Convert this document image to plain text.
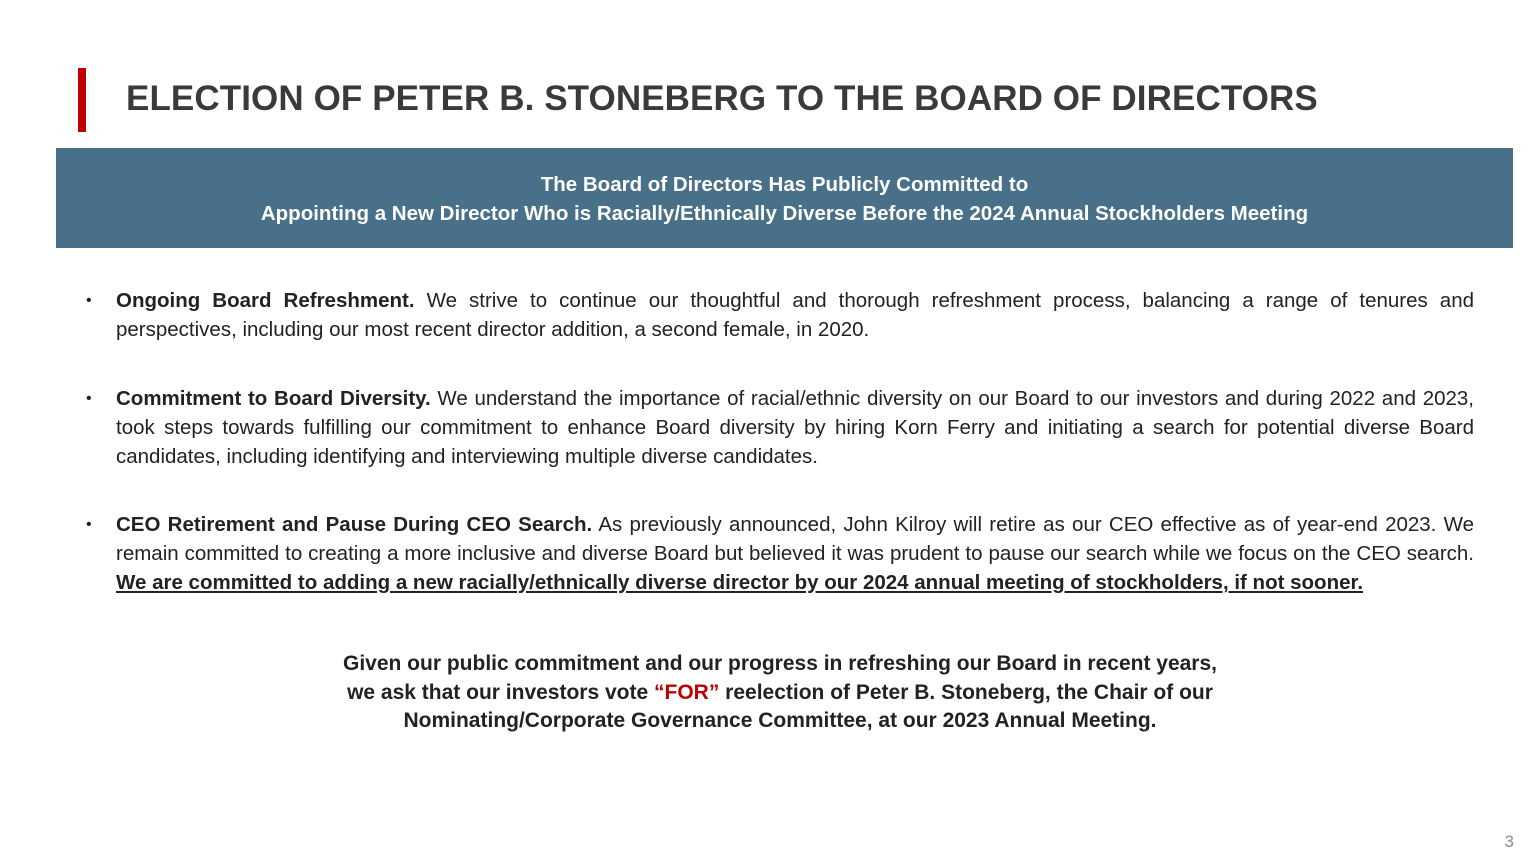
ELECTION OF PETER B. STONEBERG TO THE BOARD OF DIRECTORS
The Board of Directors Has Publicly Committed to
Appointing a New Director Who is Racially/Ethnically Diverse Before the 2024 Annual Stockholders Meeting
• Ongoing Board Refreshment. We strive to continue our thoughtful and thorough refreshment process, balancing a range of tenures and perspectives, including our most recent director addition, a second female, in 2020.
• Commitment to Board Diversity. We understand the importance of racial/ethnic diversity on our Board to our investors and during 2022 and 2023, took steps towards fulfilling our commitment to enhance Board diversity by hiring Korn Ferry and initiating a search for potential diverse Board candidates, including identifying and interviewing multiple diverse candidates.
• CEO Retirement and Pause During CEO Search. As previously announced, John Kilroy will retire as our CEO effective as of year-end 2023. We remain committed to creating a more inclusive and diverse Board but believed it was prudent to pause our search while we focus on the CEO search. We are committed to adding a new racially/ethnically diverse director by our 2024 annual meeting of stockholders, if not sooner.
Given our public commitment and our progress in refreshing our Board in recent years,
we ask that our investors vote “FOR” reelection of Peter B. Stoneberg, the Chair of our
Nominating/Corporate Governance Committee, at our 2023 Annual Meeting.
3
